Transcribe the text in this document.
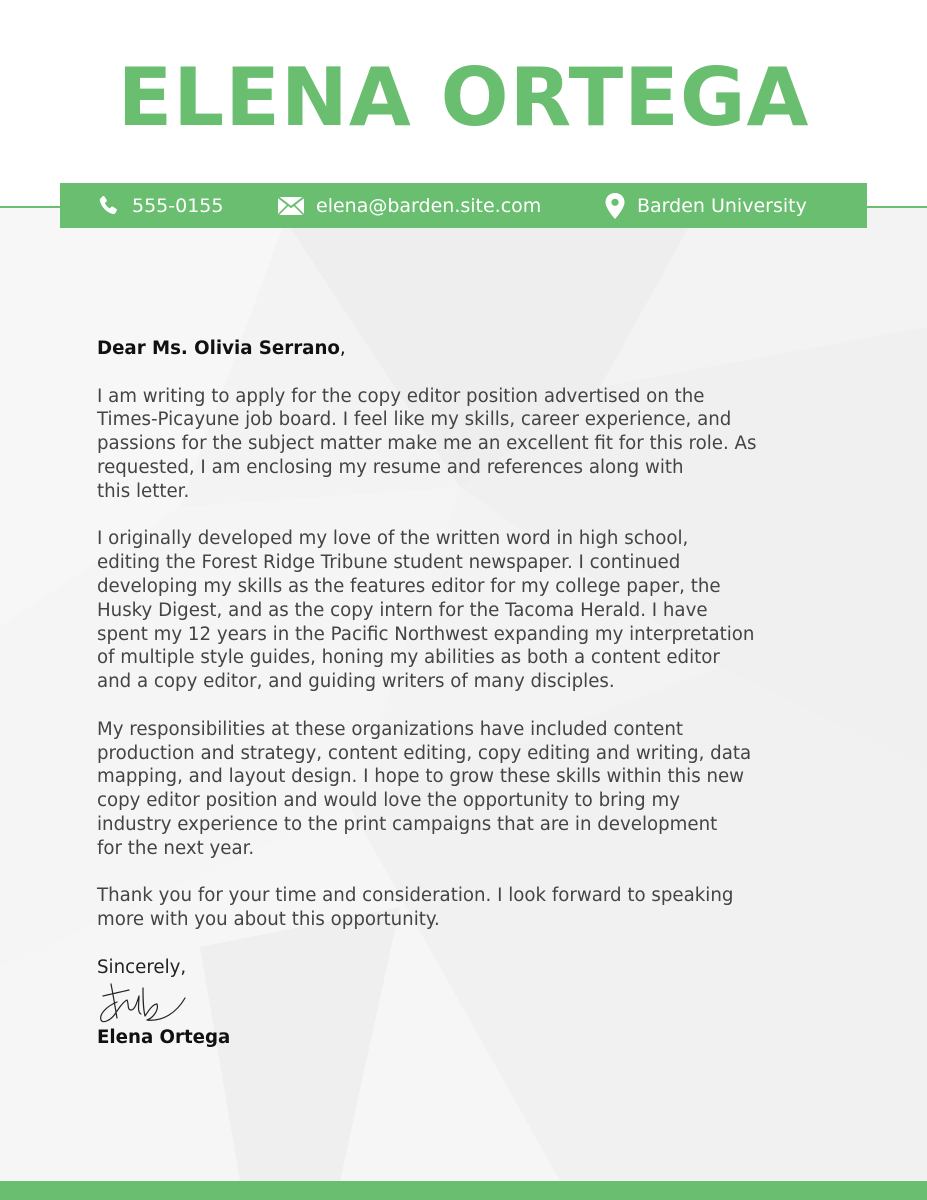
ELENA ORTEGA
555-0155	elena@barden.site.com	Barden University

Dear Ms. Olivia Serrano,

I am writing to apply for the copy editor position advertised on the
Times-Picayune job board. I feel like my skills, career experience, and
passions for the subject matter make me an excellent fit for this role. As
requested, I am enclosing my resume and references along with
this letter.

I originally developed my love of the written word in high school,
editing the Forest Ridge Tribune student newspaper. I continued
developing my skills as the features editor for my college paper, the
Husky Digest, and as the copy intern for the Tacoma Herald. I have
spent my 12 years in the Pacific Northwest expanding my interpretation
of multiple style guides, honing my abilities as both a content editor
and a copy editor, and guiding writers of many disciples.

My responsibilities at these organizations have included content
production and strategy, content editing, copy editing and writing, data
mapping, and layout design. I hope to grow these skills within this new
copy editor position and would love the opportunity to bring my
industry experience to the print campaigns that are in development
for the next year.

Thank you for your time and consideration. I look forward to speaking
more with you about this opportunity.

Sincerely,

Elena Ortega
